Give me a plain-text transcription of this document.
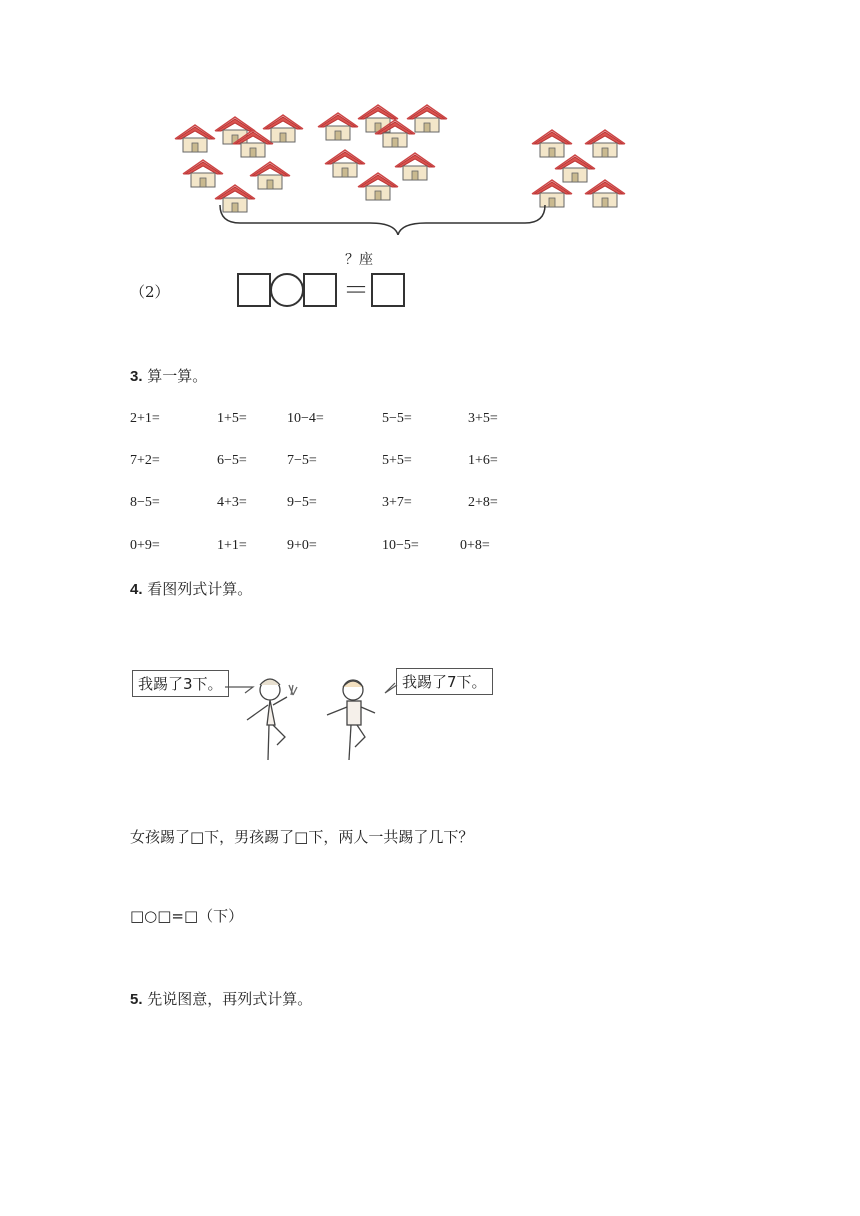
？座
（2）	＝
3. 算一算。
2+1=	1+5=	10−4=	5−5=	3+5=
7+2=	6−5=	7−5=	5+5=	1+6=
8−5=	4+3=	9−5=	3+7=	2+8=
0+9=	1+1=	9+0=	10−5=	0+8=
4. 看图列式计算。
我踢了3下。	我踢了7下。
女孩踢了□下，男孩踢了□下，两人一共踢了几下？
□○□=□（下）
5. 先说图意，再列式计算。
